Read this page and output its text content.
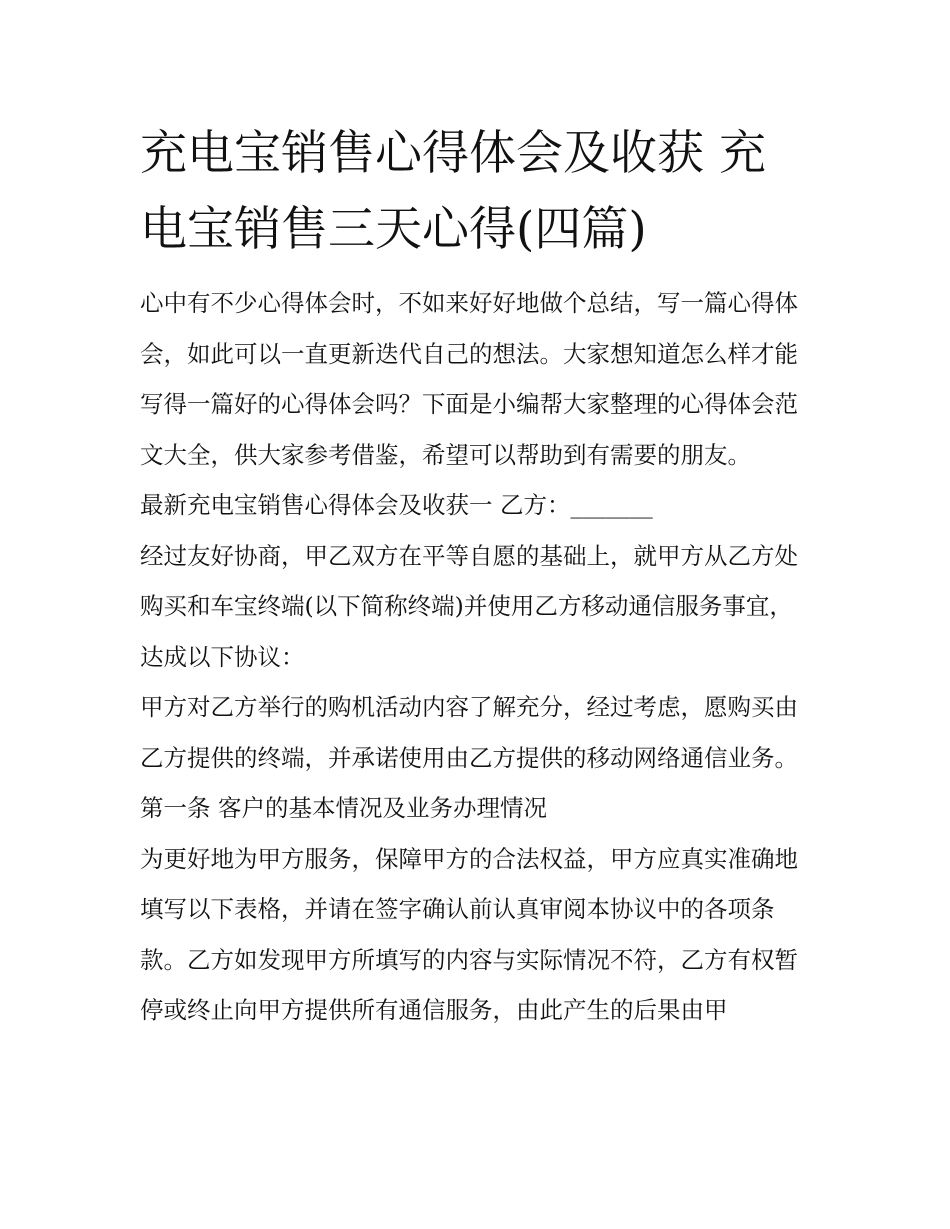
充电宝销售心得体会及收获 充电宝销售三天心得(四篇)

心中有不少心得体会时，不如来好好地做个总结，写一篇心得体会，如此可以一直更新迭代自己的想法。大家想知道怎么样才能写得一篇好的心得体会吗？下面是小编帮大家整理的心得体会范文大全，供大家参考借鉴，希望可以帮助到有需要的朋友。

最新充电宝销售心得体会及收获一 乙方：_______

经过友好协商，甲乙双方在平等自愿的基础上，就甲方从乙方处购买和车宝终端(以下简称终端)并使用乙方移动通信服务事宜，达成以下协议：

甲方对乙方举行的购机活动内容了解充分，经过考虑，愿购买由乙方提供的终端，并承诺使用由乙方提供的移动网络通信业务。 第一条 客户的基本情况及业务办理情况

为更好地为甲方服务，保障甲方的合法权益，甲方应真实准确地填写以下表格，并请在签字确认前认真审阅本协议中的各项条款。乙方如发现甲方所填写的内容与实际情况不符，乙方有权暂停或终止向甲方提供所有通信服务，由此产生的后果由甲
